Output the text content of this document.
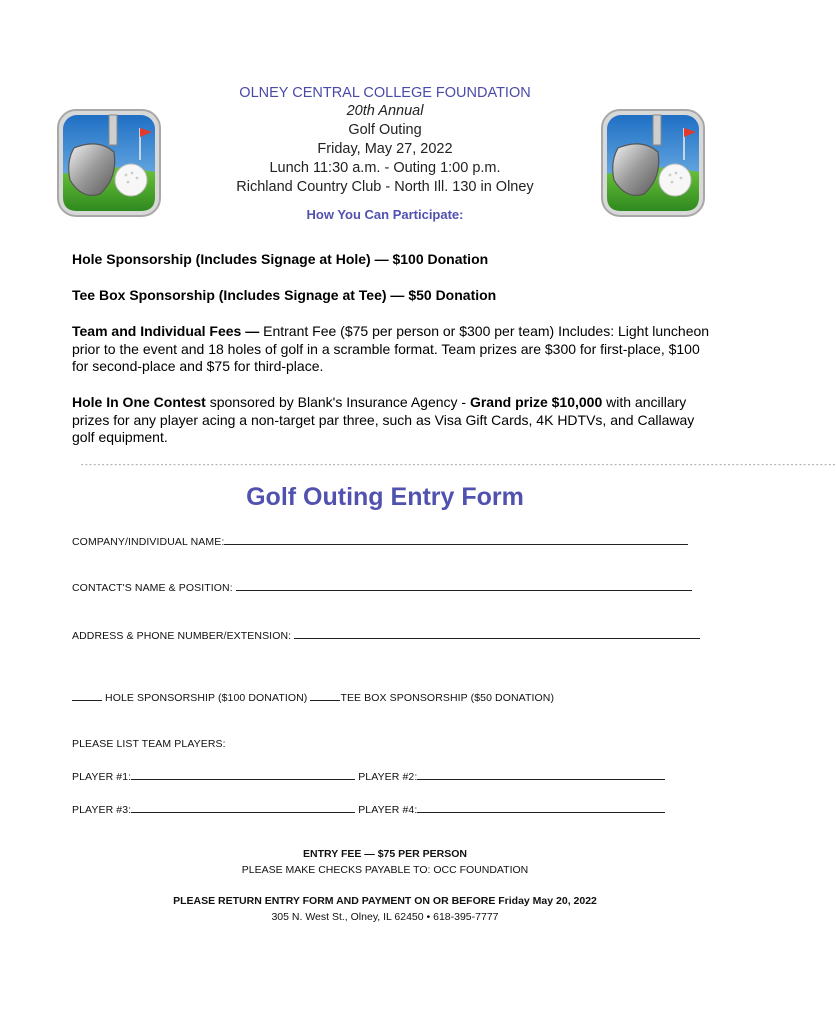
OLNEY CENTRAL COLLEGE FOUNDATION
20th Annual
Golf Outing
Friday, May 27, 2022
Lunch 11:30 a.m. - Outing 1:00 p.m.
Richland Country Club - North Ill. 130 in Olney
How You Can Participate:
Hole Sponsorship (Includes Signage at Hole) — $100 Donation
Tee Box Sponsorship (Includes Signage at Tee) — $50 Donation
Team and Individual Fees — Entrant Fee ($75 per person or $300 per team) Includes: Light luncheon prior to the event and 18 holes of golf in a scramble format. Team prizes are $300 for first-place, $100 for second-place and $75 for third-place.
Hole In One Contest sponsored by Blank's Insurance Agency - Grand prize $10,000 with ancillary prizes for any player acing a non-target par three, such as Visa Gift Cards, 4K HDTVs, and Callaway golf equipment.
------------------------------------------------------------------------------------------------------------------------------------------------------------------------------------
Golf Outing Entry Form
COMPANY/INDIVIDUAL NAME:
CONTACT'S NAME & POSITION:
ADDRESS & PHONE NUMBER/EXTENSION:
HOLE SPONSORSHIP ($100 DONATION)	TEE BOX SPONSORSHIP ($50 DONATION)
PLEASE LIST TEAM PLAYERS:
PLAYER #1:	PLAYER #2:
PLAYER #3:	PLAYER #4:
ENTRY FEE — $75 PER PERSON
PLEASE MAKE CHECKS PAYABLE TO: OCC FOUNDATION
PLEASE RETURN ENTRY FORM AND PAYMENT ON OR BEFORE Friday May 20, 2022
305 N. West St., Olney, IL 62450 • 618-395-7777
